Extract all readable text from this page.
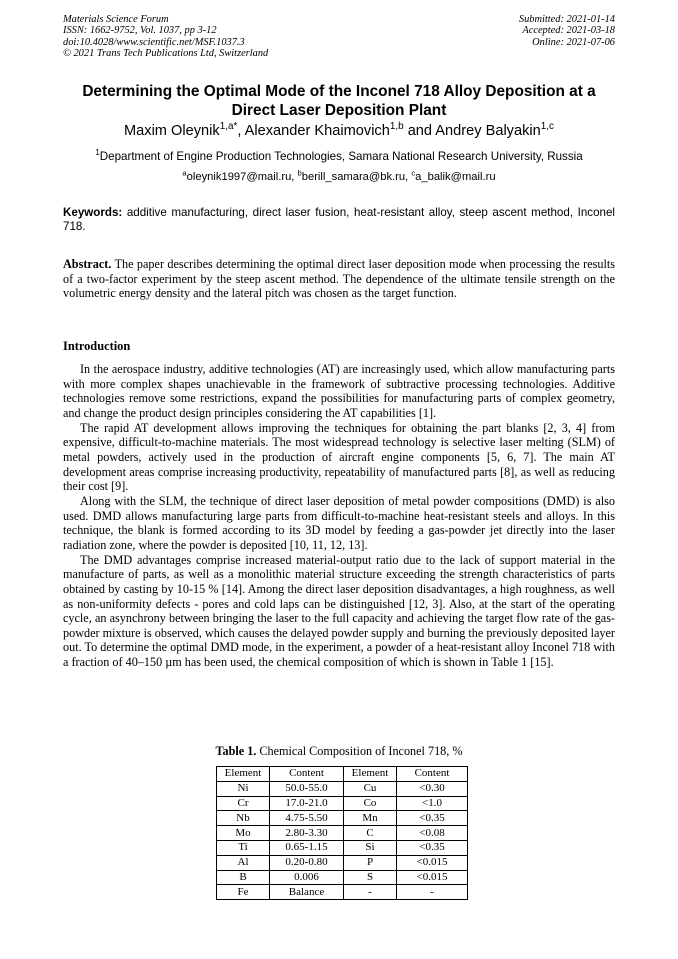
Materials Science Forum
ISSN: 1662-9752, Vol. 1037, pp 3-12
doi:10.4028/www.scientific.net/MSF.1037.3
© 2021 Trans Tech Publications Ltd, Switzerland
Submitted: 2021-01-14
Accepted: 2021-03-18
Online: 2021-07-06
Determining the Optimal Mode of the Inconel 718 Alloy Deposition at a Direct Laser Deposition Plant
Maxim Oleynik$^{1,a*}$, Alexander Khaimovich$^{1,b}$ and Andrey Balyakin$^{1,c}$
$^1$Department of Engine Production Technologies, Samara National Research University, Russia
$^a$oleynik1997@mail.ru, $^b$berill_samara@bk.ru, $^c$a_balik@mail.ru
Keywords: additive manufacturing, direct laser fusion, heat-resistant alloy, steep ascent method, Inconel 718.
Abstract. The paper describes determining the optimal direct laser deposition mode when processing the results of a two-factor experiment by the steep ascent method. The dependence of the ultimate tensile strength on the volumetric energy density and the lateral pitch was chosen as the target function.
Introduction

In the aerospace industry, additive technologies (AT) are increasingly used, which allow manufacturing parts with more complex shapes unachievable in the framework of subtractive processing technologies. Additive technologies remove some restrictions, expand the possibilities for manufacturing parts of complex geometry, and change the product design principles considering the AT capabilities [1].

The rapid AT development allows improving the techniques for obtaining the part blanks [2, 3, 4] from expensive, difficult-to-machine materials. The most widespread technology is selective laser melting (SLM) of metal powders, actively used in the production of aircraft engine components [5, 6, 7]. The main AT development areas comprise increasing productivity, repeatability of manufactured parts [8], as well as reducing their cost [9].

Along with the SLM, the technique of direct laser deposition of metal powder compositions (DMD) is also used. DMD allows manufacturing large parts from difficult-to-machine heat-resistant steels and alloys. In this technique, the blank is formed according to its 3D model by feeding a gas-powder jet directly into the laser radiation zone, where the powder is deposited [10, 11, 12, 13].

The DMD advantages comprise increased material-output ratio due to the lack of support material in the manufacture of parts, as well as a monolithic material structure exceeding the strength characteristics of parts obtained by casting by 10-15 % [14]. Among the direct laser deposition disadvantages, a high roughness, as well as non-uniformity defects - pores and cold laps can be distinguished [12, 3]. Also, at the start of the operating cycle, an asynchrony between bringing the laser to the full capacity and achieving the target flow rate of the gas-powder mixture is observed, which causes the delayed powder supply and burning the previously deposited layer out. To determine the optimal DMD mode, in the experiment, a powder of a heat-resistant alloy Inconel 718 with a fraction of 40–150 µm has been used, the chemical composition of which is shown in Table 1 [15].

Table 1. Chemical Composition of Inconel 718, %
Element	Content	Element	Content
Ni	50.0-55.0	Cu	<0.30
Cr	17.0-21.0	Co	<1.0
Nb	4.75-5.50	Mn	<0.35
Mo	2.80-3.30	C	<0.08
Ti	0.65-1.15	Si	<0.35
Al	0.20-0.80	P	<0.015
B	0.006	S	<0.015
Fe	Balance	-	-
